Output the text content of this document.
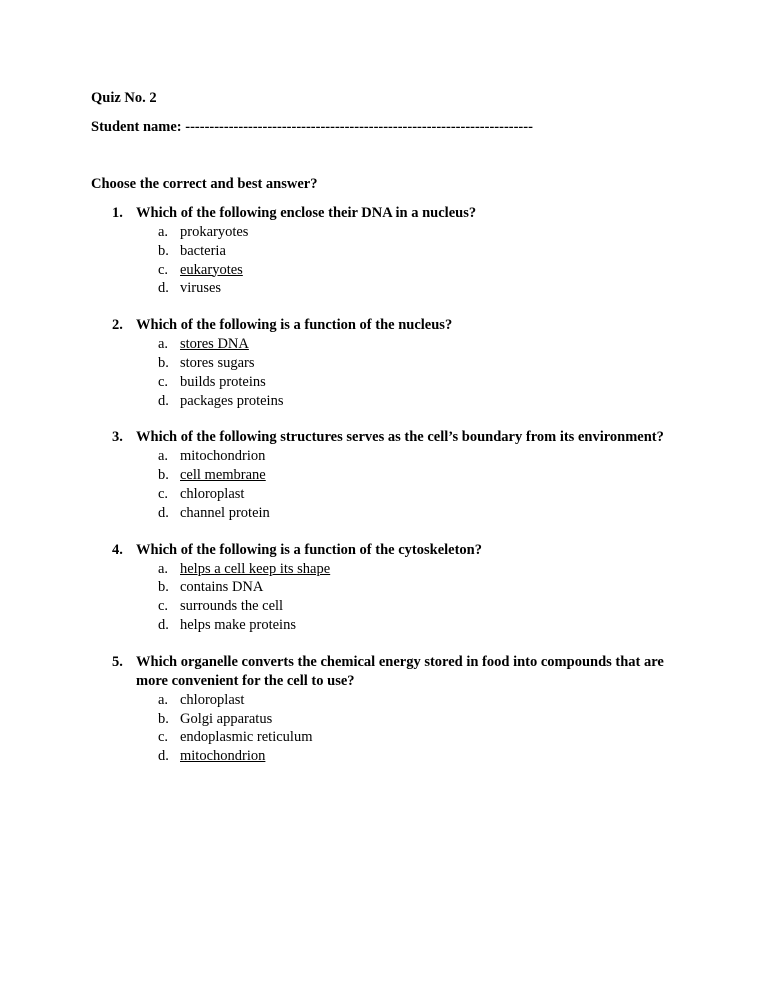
Quiz No. 2

Student name: ------------------------------------------------------------------------

Choose the correct and best answer?

1. Which of the following enclose their DNA in a nucleus?
a. prokaryotes
b. bacteria
c. eukaryotes
d. viruses
2. Which of the following is a function of the nucleus?
a. stores DNA
b. stores sugars
c. builds proteins
d. packages proteins
3. Which of the following structures serves as the cell’s boundary from its environment?
a. mitochondrion
b. cell membrane
c. chloroplast
d. channel protein
4. Which of the following is a function of the cytoskeleton?
a. helps a cell keep its shape
b. contains DNA
c. surrounds the cell
d. helps make proteins
5. Which organelle converts the chemical energy stored in food into compounds that are more convenient for the cell to use?
a. chloroplast
b. Golgi apparatus
c. endoplasmic reticulum
d. mitochondrion
